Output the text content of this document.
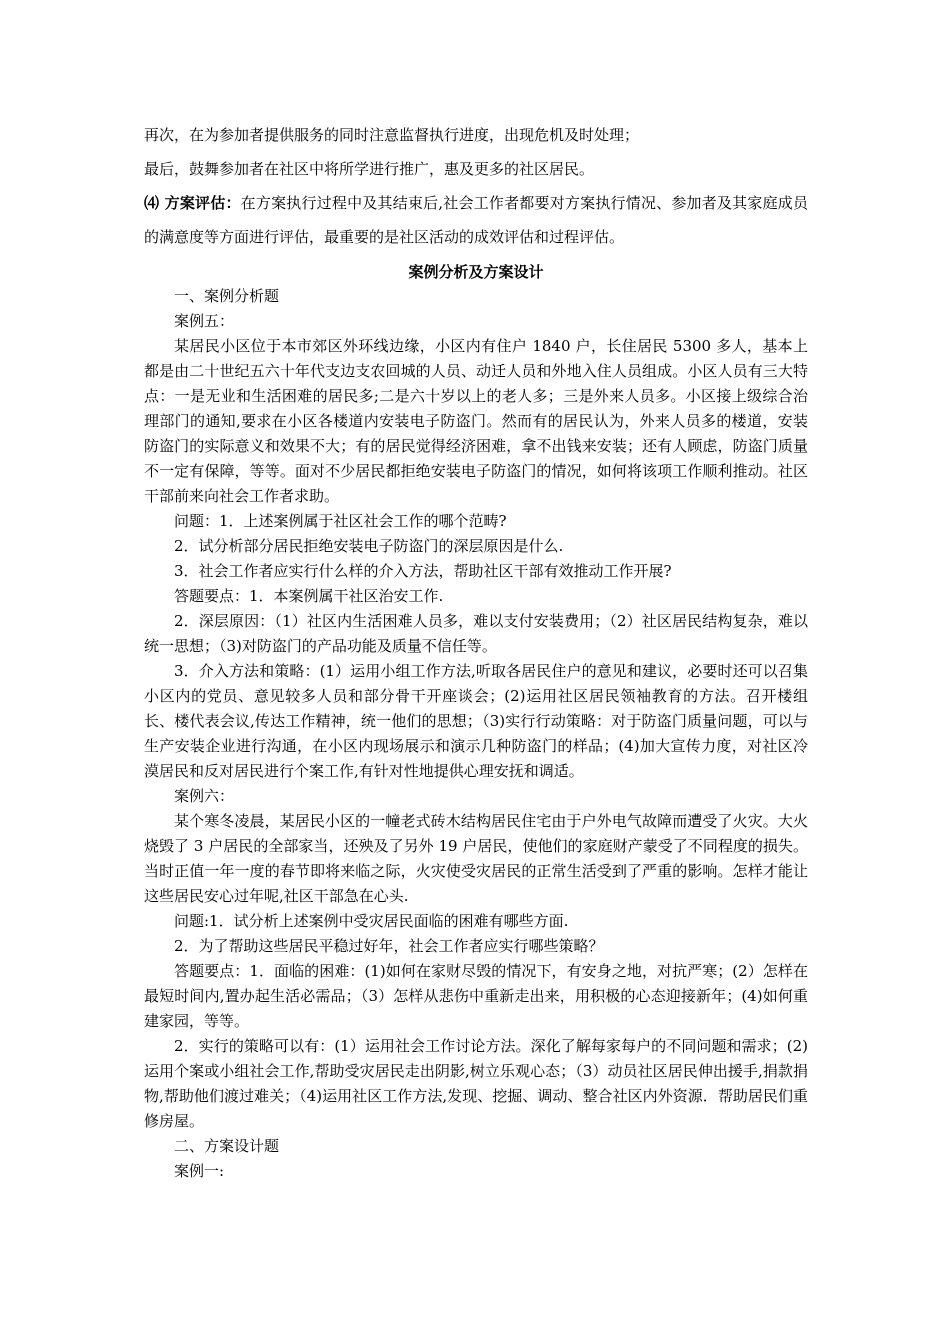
再次，在为参加者提供服务的同时注意监督执行进度，出现危机及时处理；

最后，鼓舞参加者在社区中将所学进行推广，惠及更多的社区居民。

⑷ 方案评估：在方案执行过程中及其结束后,社会工作者都要对方案执行情况、参加者及其家庭成员的满意度等方面进行评估，最重要的是社区活动的成效评估和过程评估。

案例分析及方案设计

一、案例分析题

案例五：

某居民小区位于本市郊区外环线边缘，小区内有住户 1840 户，长住居民 5300 多人，基本上都是由二十世纪五六十年代支边支农回城的人员、动迁人员和外地入住人员组成。小区人员有三大特点：一是无业和生活困难的居民多;二是六十岁以上的老人多；三是外来人员多。小区接上级综合治理部门的通知,要求在小区各楼道内安装电子防盗门。然而有的居民认为，外来人员多的楼道，安装防盗门的实际意义和效果不大；有的居民觉得经济困难，拿不出钱来安装；还有人顾虑，防盗门质量不一定有保障，等等。面对不少居民都拒绝安装电子防盗门的情况，如何将该项工作顺利推动。社区干部前来向社会工作者求助。

问题：1．上述案例属于社区社会工作的哪个范畴?

2．试分析部分居民拒绝安装电子防盗门的深层原因是什么.

3．社会工作者应实行什么样的介入方法，帮助社区干部有效推动工作开展?

答题要点：1．本案例属干社区治安工作.

2．深层原因：（1）社区内生活困难人员多，难以支付安装费用；（2）社区居民结构复杂，难以统一思想；（3)对防盗门的产品功能及质量不信任等。

3．介入方法和策略：(1）运用小组工作方法,听取各居民住户的意见和建议，必要时还可以召集小区内的党员、意见较多人员和部分骨干开座谈会；(2)运用社区居民领袖教育的方法。召开楼组长、楼代表会议,传达工作精神，统一他们的思想；（3)实行行动策略：对于防盗门质量问题，可以与生产安装企业进行沟通，在小区内现场展示和演示几种防盗门的样品；(4)加大宣传力度，对社区冷漠居民和反对居民进行个案工作,有针对性地提供心理安抚和调适。

案例六：

某个寒冬凌晨，某居民小区的一幢老式砖木结构居民住宅由于户外电气故障而遭受了火灾。大火烧毁了 3 户居民的全部家当，还殃及了另外 19 户居民，使他们的家庭财产蒙受了不同程度的损失。当时正值一年一度的春节即将来临之际，火灾使受灾居民的正常生活受到了严重的影响。怎样才能让这些居民安心过年呢,社区干部急在心头.

问题:1．试分析上述案例中受灾居民面临的困难有哪些方面.

2．为了帮助这些居民平稳过好年，社会工作者应实行哪些策略？

答题要点：1．面临的困难：(1)如何在家财尽毁的情况下，有安身之地，对抗严寒；(2）怎样在最短时间内,置办起生活必需品；（3）怎样从悲伤中重新走出来，用积极的心态迎接新年；(4)如何重建家园，等等。

2．实行的策略可以有：(1）运用社会工作讨论方法。深化了解每家每户的不同问题和需求；(2)运用个案或小组社会工作,帮助受灾居民走出阴影,树立乐观心态；（3）动员社区居民伸出援手,捐款捐物,帮助他们渡过难关；（4)运用社区工作方法,发现、挖掘、调动、整合社区内外资源．帮助居民们重修房屋。

二、方案设计题

案例一:
